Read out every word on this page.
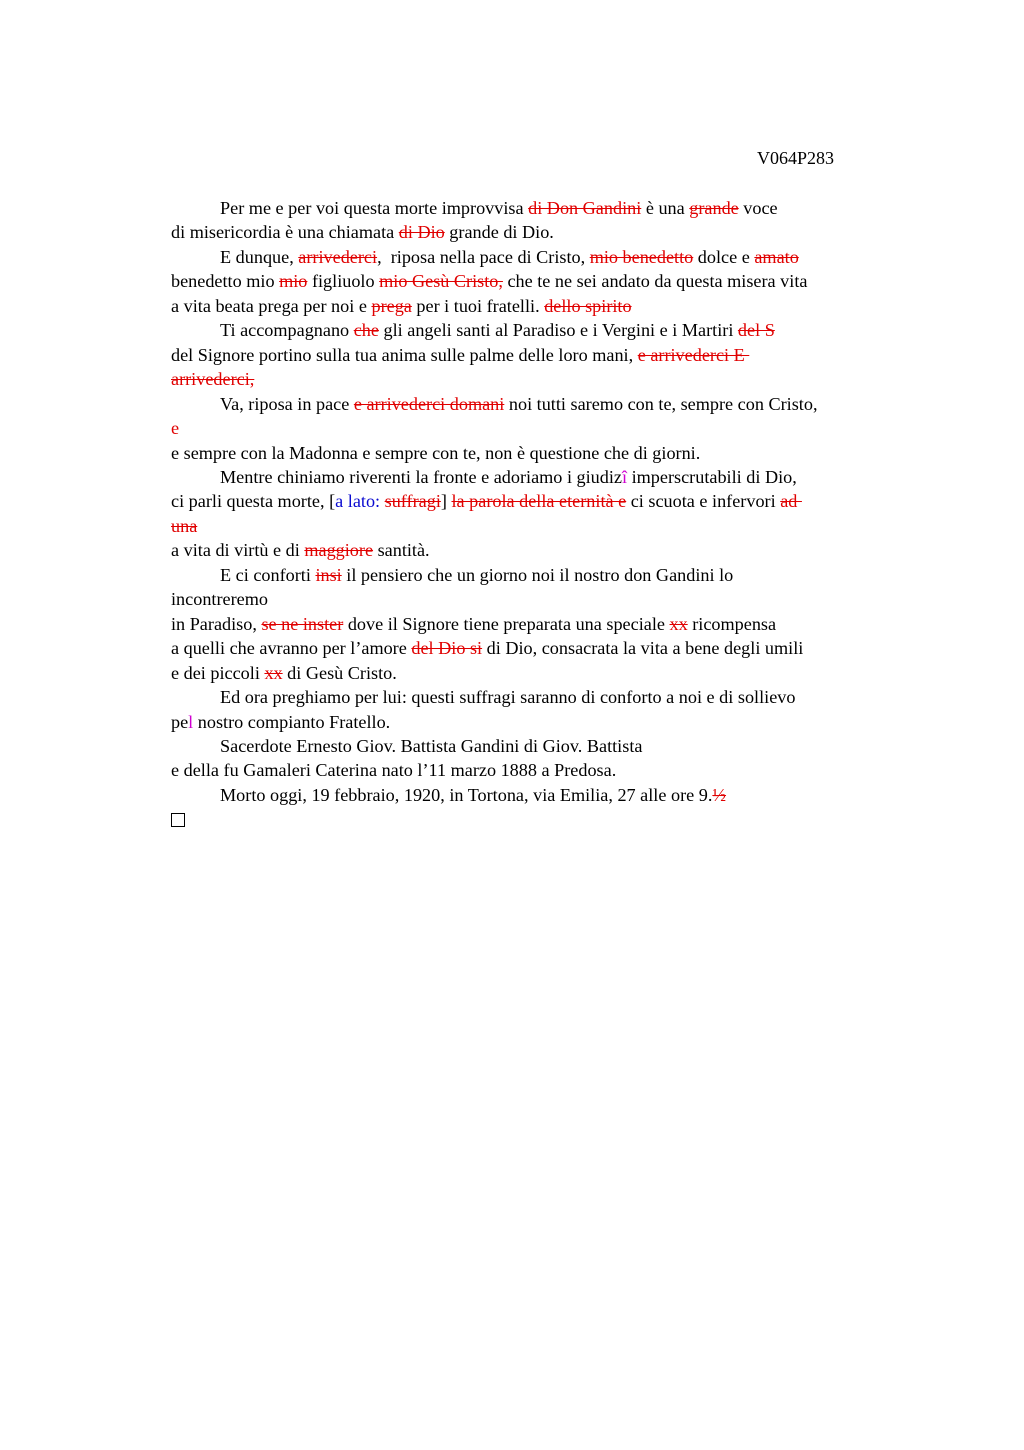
V064P283
Per me e per voi questa morte improvvisa di Don Gandini è una grande voce
di misericordia è una chiamata di Dio grande di Dio.
E dunque, arrivederci,  riposa nella pace di Cristo, mio benedetto dolce e amato
benedetto mio mio figliuolo mio Gesù Cristo, che te ne sei andato da questa misera vita
a vita beata prega per noi e prega per i tuoi fratelli. dello spirito
Ti accompagnano che gli angeli santi al Paradiso e i Vergini e i Martiri del S
del Signore portino sulla tua anima sulle palme delle loro mani, e arrivederci E
arrivederci,
Va, riposa in pace e arrivederci domani noi tutti saremo con te, sempre con Cristo,
e
e sempre con la Madonna e sempre con te, non è questione che di giorni.
Mentre chiniamo riverenti la fronte e adoriamo i giudizî imperscrutabili di Dio,
ci parli questa morte, [a lato: suffragi] la parola della eternità e ci scuota e infervori ad
una
a vita di virtù e di maggiore santità.
E ci conforti insi il pensiero che un giorno noi il nostro don Gandini lo
incontreremo
in Paradiso, se ne inster dove il Signore tiene preparata una speciale xx ricompensa
a quelli che avranno per l’amore del Dio si di Dio, consacrata la vita a bene degli umili
e dei piccoli xx di Gesù Cristo.
Ed ora preghiamo per lui: questi suffragi saranno di conforto a noi e di sollievo
pel nostro compianto Fratello.
Sacerdote Ernesto Giov. Battista Gandini di Giov. Battista
e della fu Gamaleri Caterina nato l’11 marzo 1888 a Predosa.
Morto oggi, 19 febbraio, 1920, in Tortona, via Emilia, 27 alle ore 9.½
